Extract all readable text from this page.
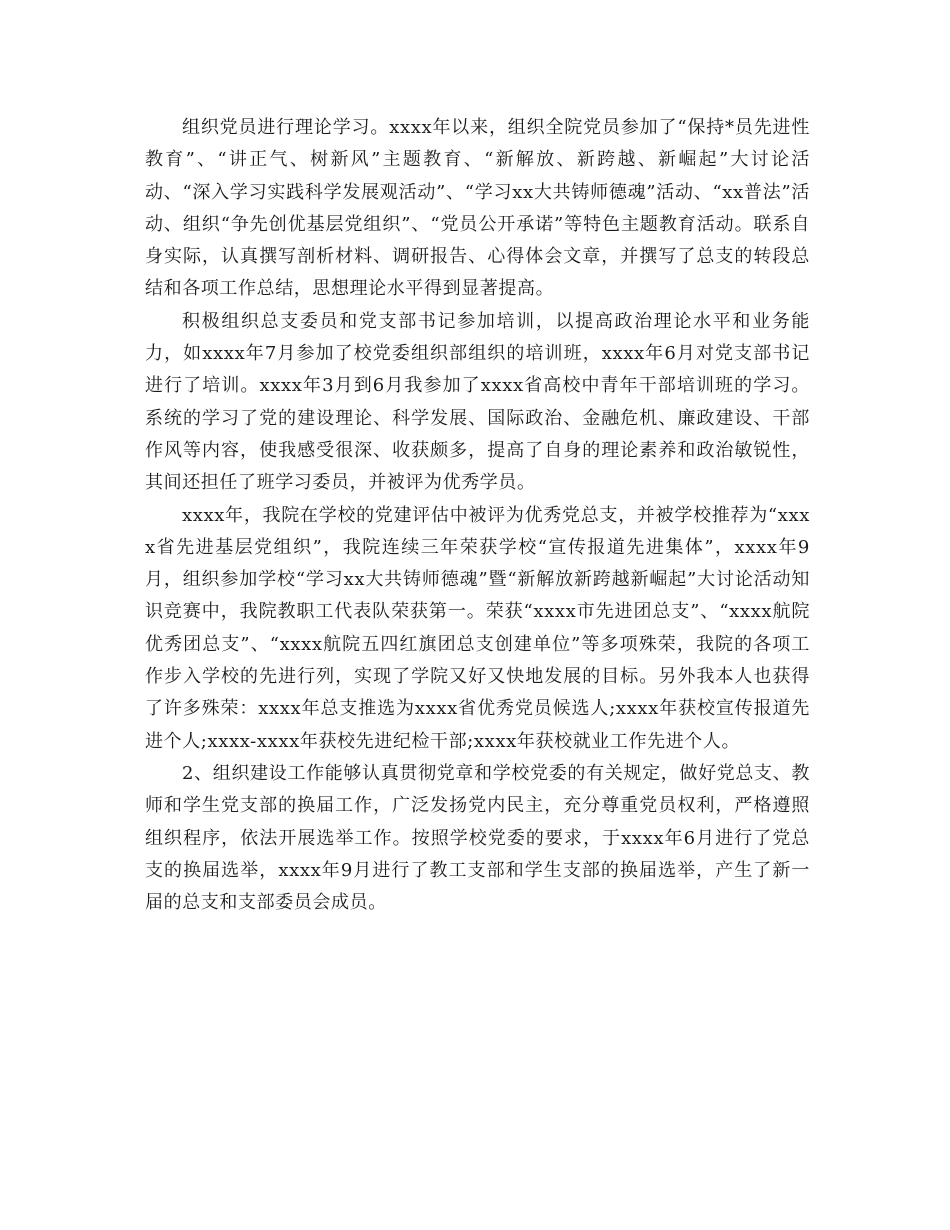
组织党员进行理论学习。xxxx年以来，组织全院党员参加了“保持*员先进性教育”、“讲正气、树新风”主题教育、“新解放、新跨越、新崛起”大讨论活动、“深入学习实践科学发展观活动”、“学习xx大共铸师德魂”活动、“xx普法”活动、组织“争先创优基层党组织”、“党员公开承诺”等特色主题教育活动。联系自身实际，认真撰写剖析材料、调研报告、心得体会文章，并撰写了总支的转段总结和各项工作总结，思想理论水平得到显著提高。

积极组织总支委员和党支部书记参加培训，以提高政治理论水平和业务能力，如xxxx年7月参加了校党委组织部组织的培训班，xxxx年6月对党支部书记进行了培训。xxxx年3月到6月我参加了xxxx省高校中青年干部培训班的学习。系统的学习了党的建设理论、科学发展、国际政治、金融危机、廉政建设、干部作风等内容，使我感受很深、收获颇多，提高了自身的理论素养和政治敏锐性，其间还担任了班学习委员，并被评为优秀学员。

xxxx年，我院在学校的党建评估中被评为优秀党总支，并被学校推荐为“xxxx省先进基层党组织”，我院连续三年荣获学校“宣传报道先进集体”，xxxx年9月，组织参加学校“学习xx大共铸师德魂”暨“新解放新跨越新崛起”大讨论活动知识竞赛中，我院教职工代表队荣获第一。荣获“xxxx市先进团总支”、“xxxx航院优秀团总支”、“xxxx航院五四红旗团总支创建单位”等多项殊荣，我院的各项工作步入学校的先进行列，实现了学院又好又快地发展的目标。另外我本人也获得了许多殊荣：xxxx年总支推选为xxxx省优秀党员候选人;xxxx年获校宣传报道先进个人;xxxx-xxxx年获校先进纪检干部;xxxx年获校就业工作先进个人。

2、组织建设工作能够认真贯彻党章和学校党委的有关规定，做好党总支、教师和学生党支部的换届工作，广泛发扬党内民主，充分尊重党员权利，严格遵照组织程序，依法开展选举工作。按照学校党委的要求，于xxxx年6月进行了党总支的换届选举，xxxx年9月进行了教工支部和学生支部的换届选举，产生了新一届的总支和支部委员会成员。
